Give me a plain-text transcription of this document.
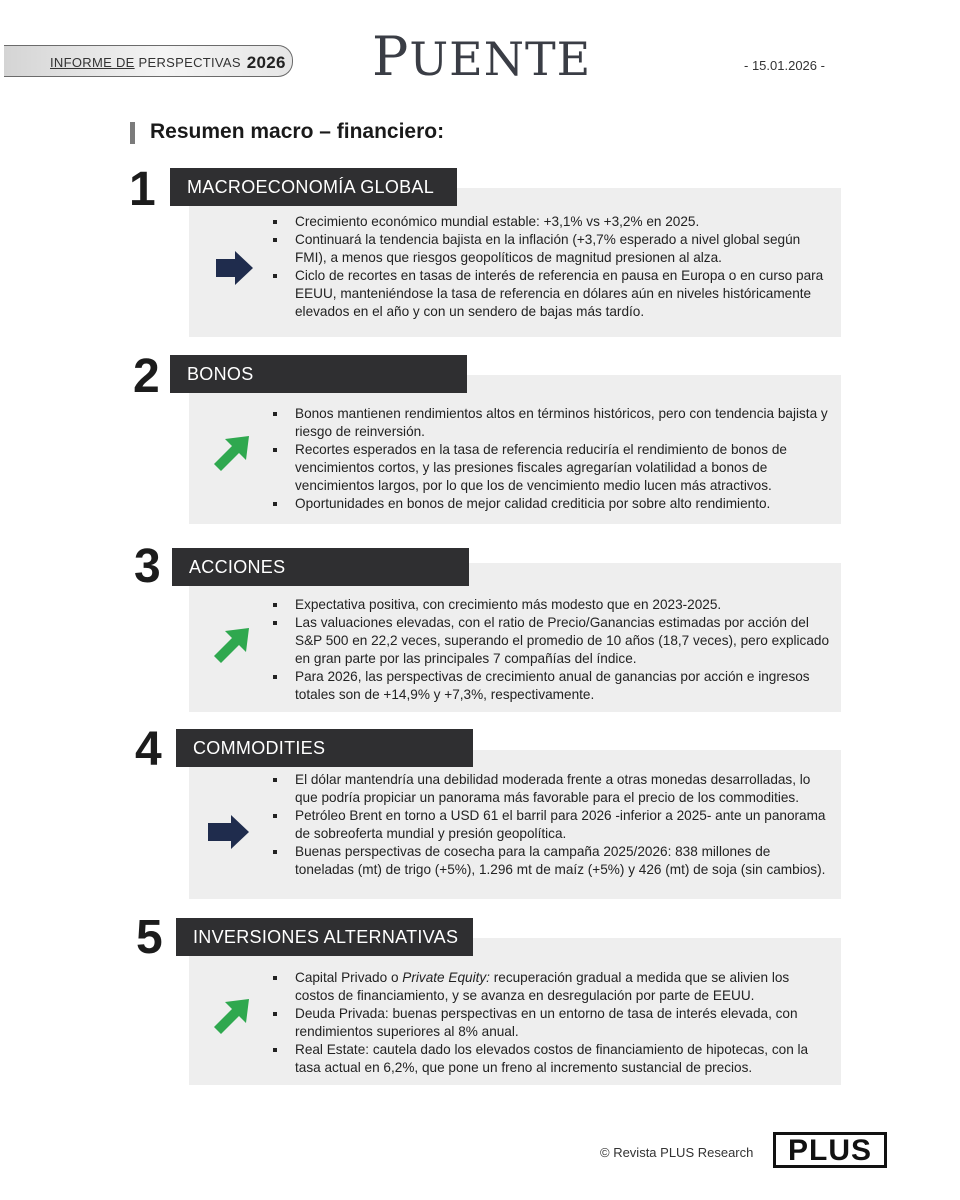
INFORME DE PERSPECTIVAS 2026 PUENTE	- 15.01.2026 -
Resumen macro – financiero:
1	MACROECONOMÍA GLOBAL
Crecimiento económico mundial estable: +3,1% vs +3,2% en 2025.
Continuará la tendencia bajista en la inflación (+3,7% esperado a nivel global según FMI), a menos que riesgos geopolíticos de magnitud presionen al alza.
Ciclo de recortes en tasas de interés de referencia en pausa en Europa o en curso para EEUU, manteniéndose la tasa de referencia en dólares aún en niveles históricamente elevados en el año y con un sendero de bajas más tardío.
2	BONOS
Bonos mantienen rendimientos altos en términos históricos, pero con tendencia bajista y riesgo de reinversión.
Recortes esperados en la tasa de referencia reduciría el rendimiento de bonos de vencimientos cortos, y las presiones fiscales agregarían volatilidad a bonos de vencimientos largos, por lo que los de vencimiento medio lucen más atractivos.
Oportunidades en bonos de mejor calidad crediticia por sobre alto rendimiento.
3	ACCIONES
Expectativa positiva, con crecimiento más modesto que en 2023-2025.
Las valuaciones elevadas, con el ratio de Precio/Ganancias estimadas por acción del S&P 500 en 22,2 veces, superando el promedio de 10 años (18,7 veces), pero explicado en gran parte por las principales 7 compañías del índice.
Para 2026, las perspectivas de crecimiento anual de ganancias por acción e ingresos totales son de +14,9% y +7,3%, respectivamente.
4	COMMODITIES
El dólar mantendría una debilidad moderada frente a otras monedas desarrolladas, lo que podría propiciar un panorama más favorable para el precio de los commodities.
Petróleo Brent en torno a USD 61 el barril para 2026 -inferior a 2025- ante un panorama de sobreoferta mundial y presión geopolítica.
Buenas perspectivas de cosecha para la campaña 2025/2026: 838 millones de toneladas (mt) de trigo (+5%), 1.296 mt de maíz (+5%) y 426 (mt) de soja (sin cambios).
5	INVERSIONES ALTERNATIVAS
Capital Privado o Private Equity: recuperación gradual a medida que se alivien los costos de financiamiento, y se avanza en desregulación por parte de EEUU.
Deuda Privada: buenas perspectivas en un entorno de tasa de interés elevada, con rendimientos superiores al 8% anual.
Real Estate: cautela dado los elevados costos de financiamiento de hipotecas, con la tasa actual en 6,2%, que pone un freno al incremento sustancial de precios.
© Revista PLUS Research	PLUS
